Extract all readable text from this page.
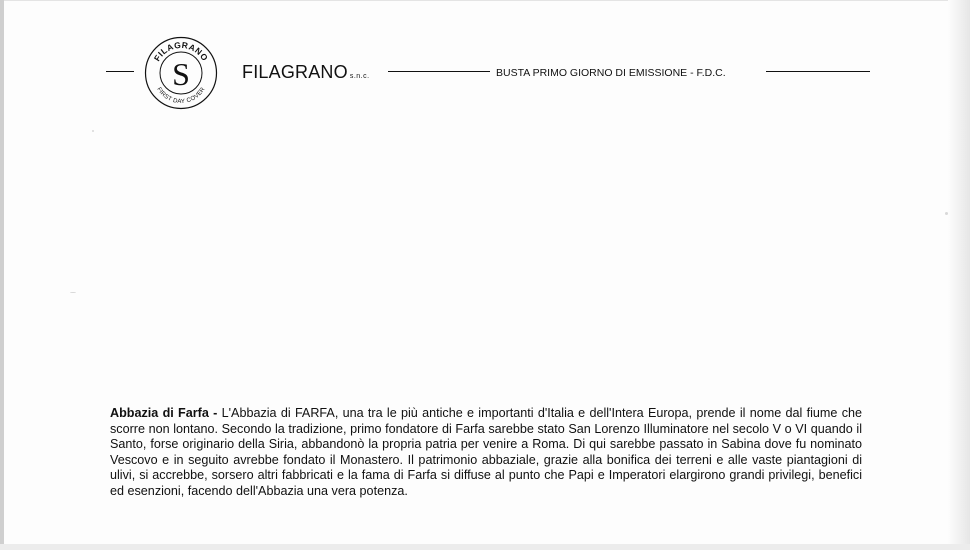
S
FILAGRANO
FIRST DAY COVER
FILAGRANO s.n.c.	BUSTA PRIMO GIORNO DI EMISSIONE - F.D.C.
Abbazia di Farfa - L'Abbazia di FARFA, una tra le più antiche e importanti d'Italia e dell'Intera Europa, prende il nome dal fiume che scorre non lontano. Secondo la tradizione, primo fondatore di Farfa sarebbe stato San Lorenzo Illuminatore nel secolo V o VI quando il Santo, forse originario della Siria, abbandonò la propria patria per venire a Roma. Di qui sarebbe passato in Sabina dove fu nominato Vescovo e in seguito avrebbe fondato il Monastero. Il patrimonio abbaziale, grazie alla bonifica dei terreni e alle vaste piantagioni di ulivi, si accrebbe, sorsero altri fabbricati e la fama di Farfa si diffuse al punto che Papi e Imperatori elargirono grandi privilegi, benefici ed esenzioni, facendo dell'Abbazia una vera potenza.
